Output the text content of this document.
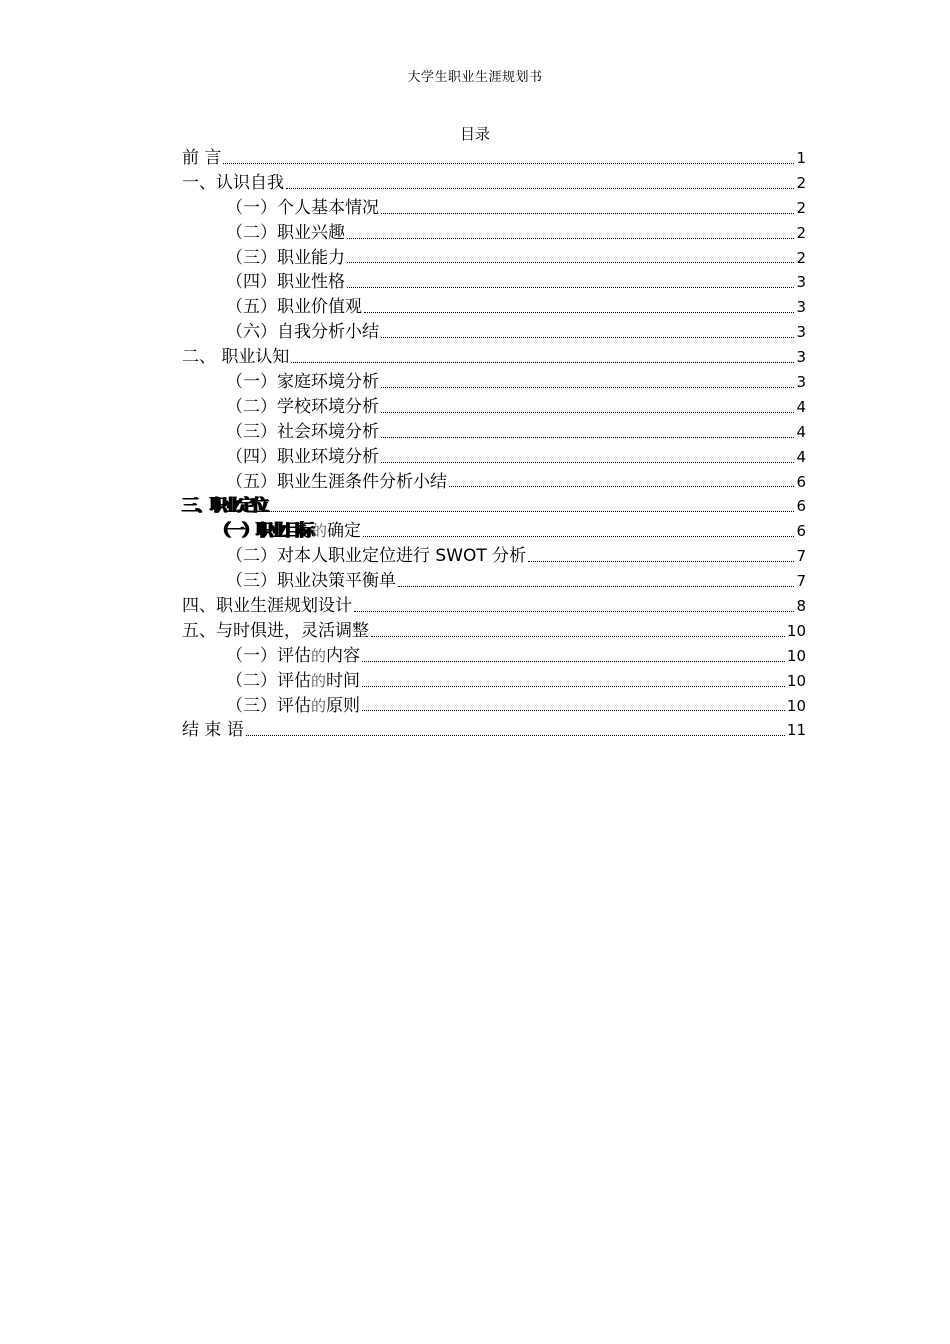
大学生职业生涯规划书
目录
前 言	1
一、认识自我	2
（一）个人基本情况	2
（二）职业兴趣	2
（三）职业能力	2
（四）职业性格	3
（五）职业价值观	3
（六）自我分析小结	3
二、 职业认知	3
（一）家庭环境分析	3
（二）学校环境分析	4
（三）社会环境分析	4
（四）职业环境分析	4
（五）职业生涯条件分析小结	6
三、职业定位	6
（一）职业目标的确定	6
（二）对本人职业定位进行 SWOT 分析	7
（三）职业决策平衡单	7
四、职业生涯规划设计	8
五、与时俱进，灵活调整	10
（一）评估的内容	10
（二）评估的时间	10
（三）评估的原则	10
结 束 语	11
